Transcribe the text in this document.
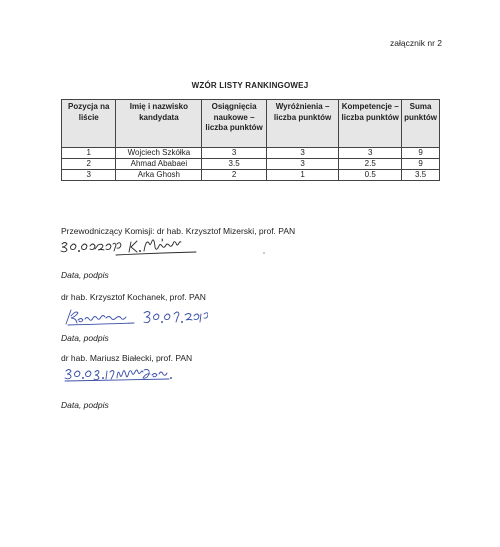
załącznik nr 2
WZÓR LISTY RANKINGOWEJ
Pozycja na liście	Imię i nazwisko kandydata	Osiągnięcia naukowe – liczba punktów	Wyróżnienia – liczba punktów	Kompetencje – liczba punktów	Suma punktów
1	Wojciech Szkółka	3	3	3	9
2	Ahmad Ababaei	3.5	3	2.5	9
3	Arka Ghosh	2	1	0.5	3.5
Przewodniczący Komisji: dr hab. Krzysztof Mizerski, prof. PAN
Data, podpis
dr hab. Krzysztof Kochanek, prof. PAN
Data, podpis
dr hab. Mariusz Białecki, prof. PAN
Data, podpis
